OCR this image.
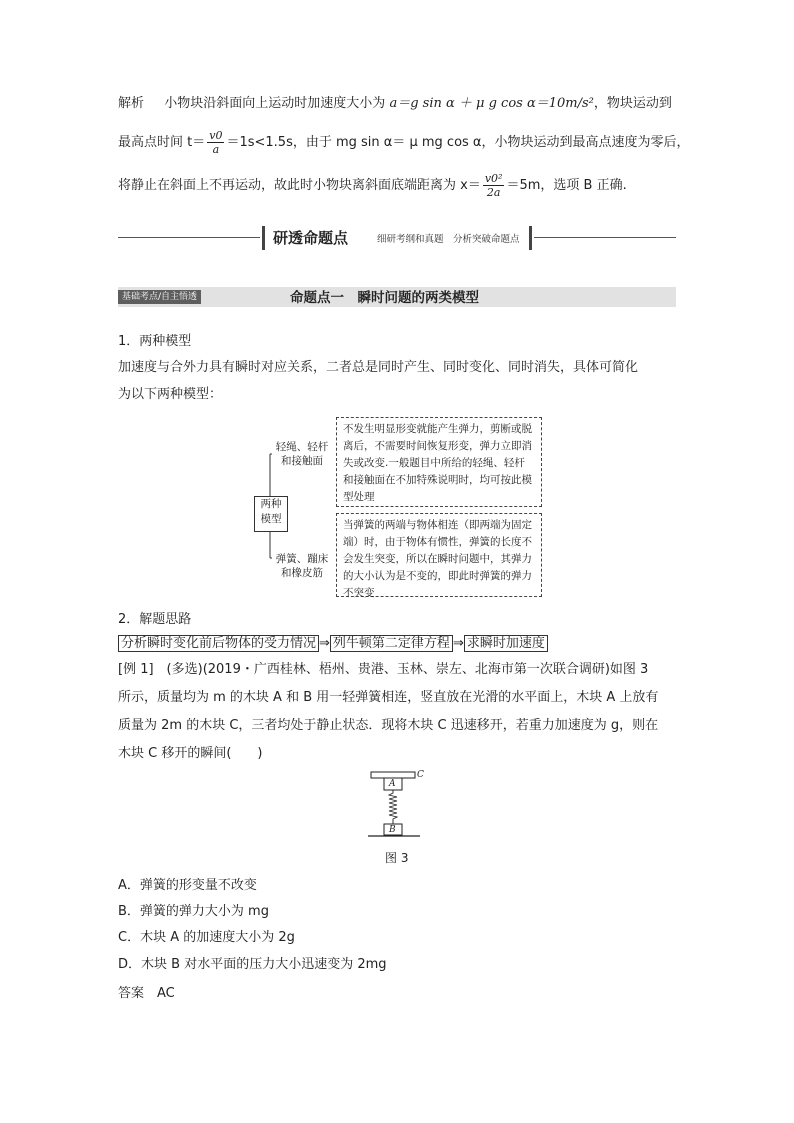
解析 小物块沿斜面向上运动时加速度大小为 a＝g sin α ＋ μ g cos α＝10m/s²，物块运动到
最高点时间 $t= \frac{v0}{a} =1s<1.5s$，由于 mg sin α＝ μ mg cos α，小物块运动到最高点速度为零后，
将静止在斜面上不再运动，故此时小物块离斜面底端距离为 $x= \frac{\text{v0²}}{2a} =5m$，选项 B 正确.
研透命题点	细研考纲和真题　分析突破命题点
基础考点/自主悟透	命题点一　瞬时问题的两类模型
1．两种模型
加速度与合外力具有瞬时对应关系，二者总是同时产生、同时变化、同时消失，具体可简化
为以下两种模型：
两种
模型
轻绳、轻杆
和接触面
弹簧、蹦床
和橡皮筋
不发生明显形变就能产生弹力，剪断或脱离后，不需要时间恢复形变，弹力立即消失或改变.一般题目中所给的轻绳、轻杆和接触面在不加特殊说明时，均可按此模型处理
当弹簧的两端与物体相连（即两端为固定端）时，由于物体有惯性，弹簧的长度不会发生突变，所以在瞬时问题中，其弹力的大小认为是不变的，即此时弹簧的弹力不突变
2．解题思路
分析瞬时变化前后物体的受力情况 ⇒ 列牛顿第二定律方程 ⇒ 求瞬时加速度
[例 1]　(多选)(2019・广西桂林、梧州、贵港、玉林、崇左、北海市第一次联合调研)如图 3
所示，质量均为 m 的木块 A 和 B 用一轻弹簧相连，竖直放在光滑的水平面上，木块 A 上放有
质量为 2m 的木块 C，三者均处于静止状态．现将木块 C 迅速移开，若重力加速度为 g，则在
木块 C 移开的瞬间(　　)
A
B
C
图 3
A．弹簧的形变量不改变
B．弹簧的弹力大小为 mg
C．木块 A 的加速度大小为 2g
D．木块 B 对水平面的压力大小迅速变为 2mg
答案　AC
